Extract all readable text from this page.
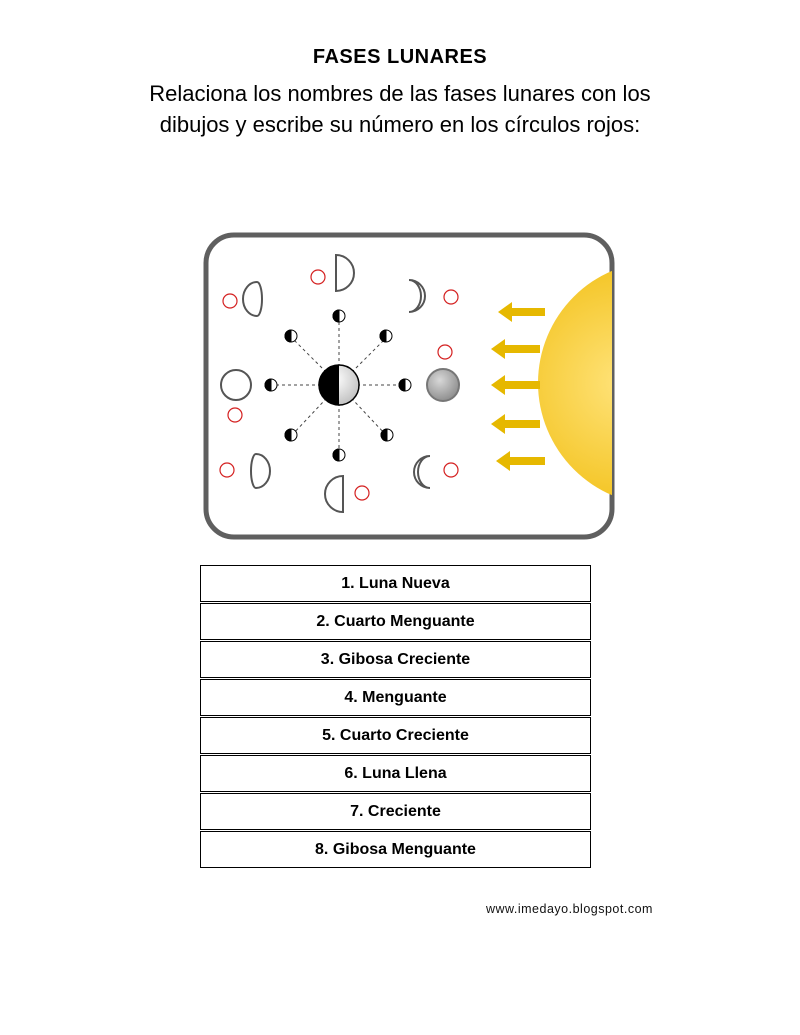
FASES LUNARES
Relaciona los nombres de las fases lunares con los
dibujos y escribe su número en los círculos rojos:
1. Luna Nueva
2. Cuarto Menguante
3. Gibosa Creciente
4. Menguante
5. Cuarto Creciente
6. Luna Llena
7. Creciente
8. Gibosa Menguante
www.imedayo.blogspot.com
